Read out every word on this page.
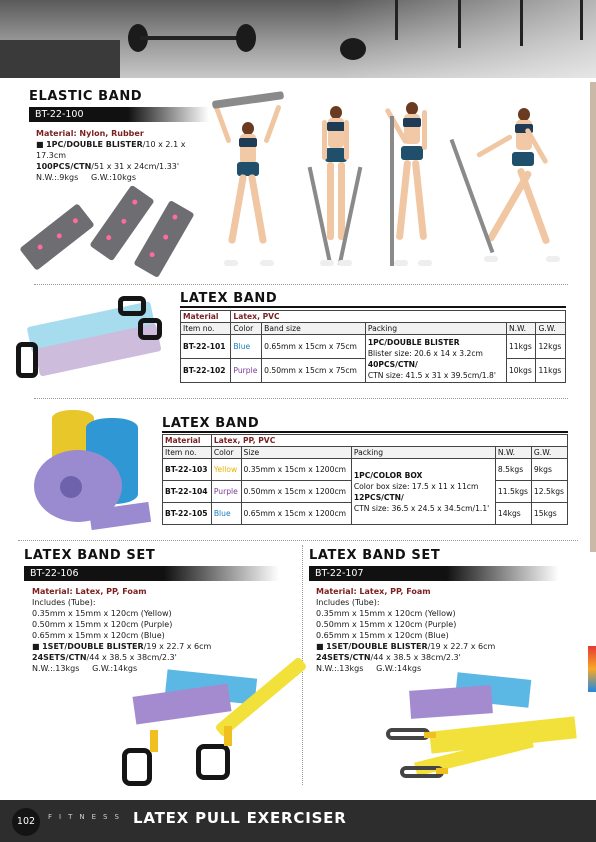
ELASTIC BAND
BT-22-100
Material: Nylon, Rubber
■ 1PC/DOUBLE BLISTER/10 x 2.1 x 17.3cm
100PCS/CTN/51 x 31 x 24cm/1.33'
N.W.:.9kgs     G.W.:10kgs
LATEX BAND
Material	Latex, PVC				
Item no.	Color	Band size	Packing	N.W.	G.W.
BT-22-101	Blue	0.65mm x 15cm x 75cm	1PC/DOUBLE BLISTER
Blister size: 20.6 x 14 x 3.2cm
40PCS/CTN/
CTN size: 41.5 x 31 x 39.5cm/1.8'	11kgs	12kgs
BT-22-102	Purple	0.50mm x 15cm x 75cm		10kgs	11kgs
LATEX BAND
Material	Latex, PP, PVC				
Item no.	Color	Size	Packing	N.W.	G.W.
BT-22-103	Yellow	0.35mm x 15cm x 1200cm	1PC/COLOR BOX
Color box size: 17.5 x 11 x 11cm
12PCS/CTN/
CTN size: 36.5 x 24.5 x 34.5cm/1.1'	8.5kgs	9kgs
BT-22-104	Purple	0.50mm x 15cm x 1200cm		11.5kgs	12.5kgs
BT-22-105	Blue	0.65mm x 15cm x 1200cm		14kgs	15kgs
LATEX BAND SET
BT-22-106
Material: Latex, PP, Foam
Includes (Tube):
0.35mm x 15mm x 120cm (Yellow)
0.50mm x 15mm x 120cm (Purple)
0.65mm x 15mm x 120cm (Blue)
■ 1SET/DOUBLE BLISTER/19 x 22.7 x 6cm
24SETS/CTN/44 x 38.5 x 38cm/2.3'
N.W.:.13kgs     G.W.:14kgs
LATEX BAND SET
BT-22-107
Material: Latex, PP, Foam
Includes (Tube):
0.35mm x 15mm x 120cm (Yellow)
0.50mm x 15mm x 120cm (Purple)
0.65mm x 15mm x 120cm (Blue)
■ 1SET/DOUBLE BLISTER/19 x 22.7 x 6cm
24SETS/CTN/44 x 38.5 x 38cm/2.3'
N.W.:.13kgs     G.W.:14kgs
102	FITNESS LATEX PULL EXERCISER
